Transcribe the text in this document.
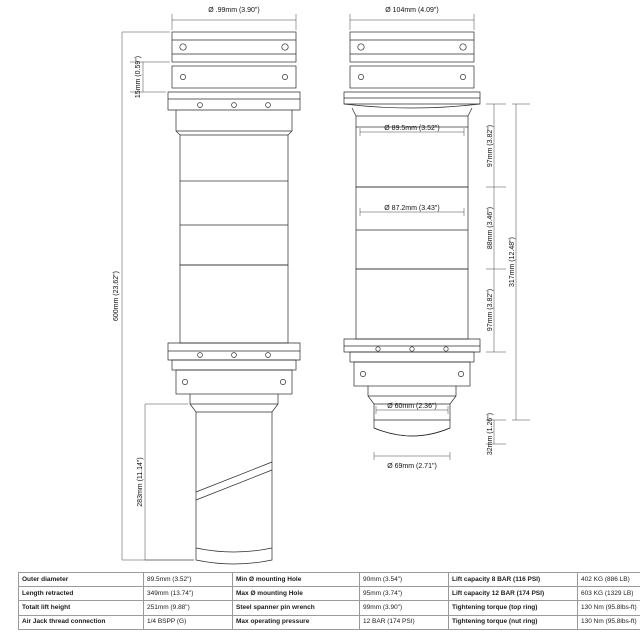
Ø .99mm (3.90")	Ø 104mm (4.09")
15mm (0.59")
600mm (23.62")
283mm (11.14")
Ø 89.5mm (3.52")
Ø 87.2mm (3.43")
Ø 60mm (2.36")
Ø 69mm (2.71")
97mm (3.82")
88mm (3.46")
97mm (3.82")
32mm (1.26")
317mm (12.48")
Outer diameter	89.5mm (3.52")	Min Ø mounting Hole	90mm (3.54")	Lift capacity 8 BAR (116 PSI)	402 KG (886 LB)
Length retracted	349mm (13.74")	Max Ø mounting Hole	95mm (3.74")	Lift capacity 12 BAR (174 PSI)	603 KG (1329 LB)
Totalt lift height	251mm (9.88")	Steel spanner pin wrench	99mm (3.90")	Tightening torque (top ring)	130 Nm (95.8lbs-ft)
Air Jack thread connection	1/4 BSPP (G)	Max operating pressure	12 BAR (174 PSI)	Tightening torque (nut ring)	130 Nm (95.8lbs-ft)
